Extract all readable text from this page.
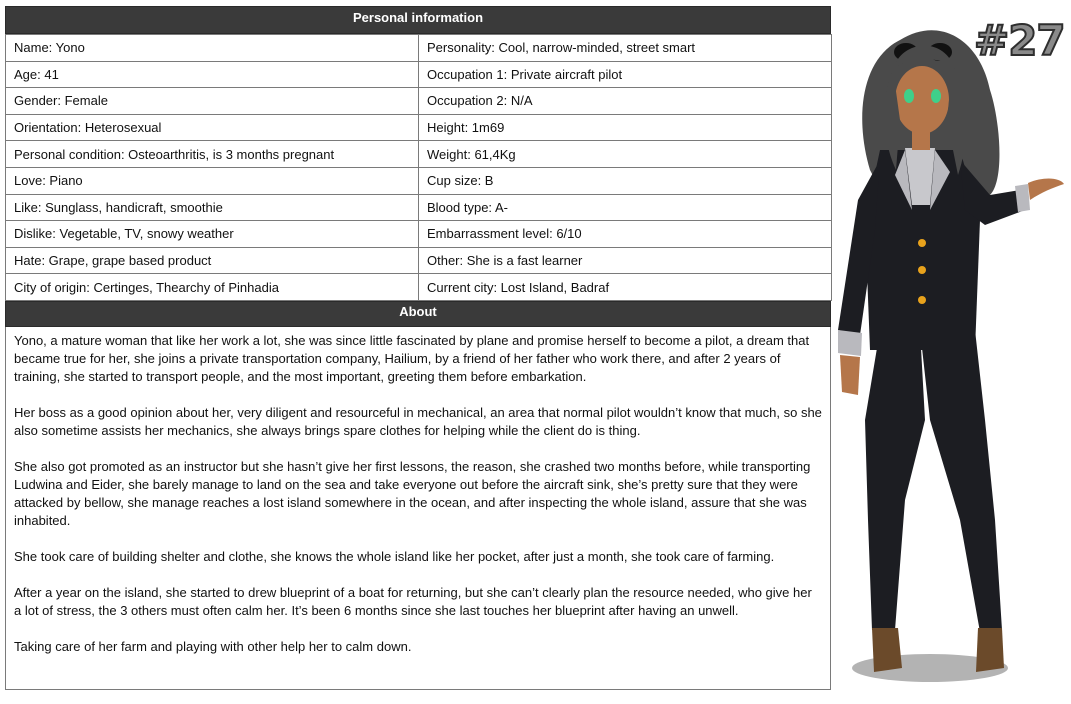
Personal information
Name: Yono	Personality: Cool, narrow-minded, street smart
Age: 41	Occupation 1: Private aircraft pilot
Gender: Female	Occupation 2: N/A
Orientation: Heterosexual	Height: 1m69
Personal condition: Osteoarthritis, is 3 months pregnant	Weight: 61,4Kg
Love: Piano	Cup size: B
Like: Sunglass, handicraft, smoothie	Blood type: A-
Dislike: Vegetable, TV, snowy weather	Embarrassment level: 6/10
Hate: Grape, grape based product	Other: She is a fast learner
City of origin: Certinges, Thearchy of Pinhadia	Current city: Lost Island, Badraf
About

Yono, a mature woman that like her work a lot, she was since little fascinated by plane and promise herself to become a pilot, a dream that became true for her, she joins a private transportation company, Hailium, by a friend of her father who work there, and after 2 years of training, she started to transport people, and the most important, greeting them before embarkation.

Her boss as a good opinion about her, very diligent and resourceful in mechanical, an area that normal pilot wouldn’t know that much, so she also sometime assists her mechanics, she always brings spare clothes for helping while the client do is thing.

She also got promoted as an instructor but she hasn’t give her first lessons, the reason, she crashed two months before, while transporting Ludwina and Eider, she barely manage to land on the sea and take everyone out before the aircraft sink, she’s pretty sure that they were attacked by bellow, she manage reaches a lost island somewhere in the ocean, and after inspecting the whole island, assure that she was inhabited.

She took care of building shelter and clothe, she knows the whole island like her pocket, after just a month, she took care of farming.

After a year on the island, she started to drew blueprint of a boat for returning, but she can’t clearly plan the resource needed, who give her a lot of stress, the 3 others must often calm her. It’s been 6 months since she last touches her blueprint after having an unwell.

Taking care of her farm and playing with other help her to calm down.

#27
